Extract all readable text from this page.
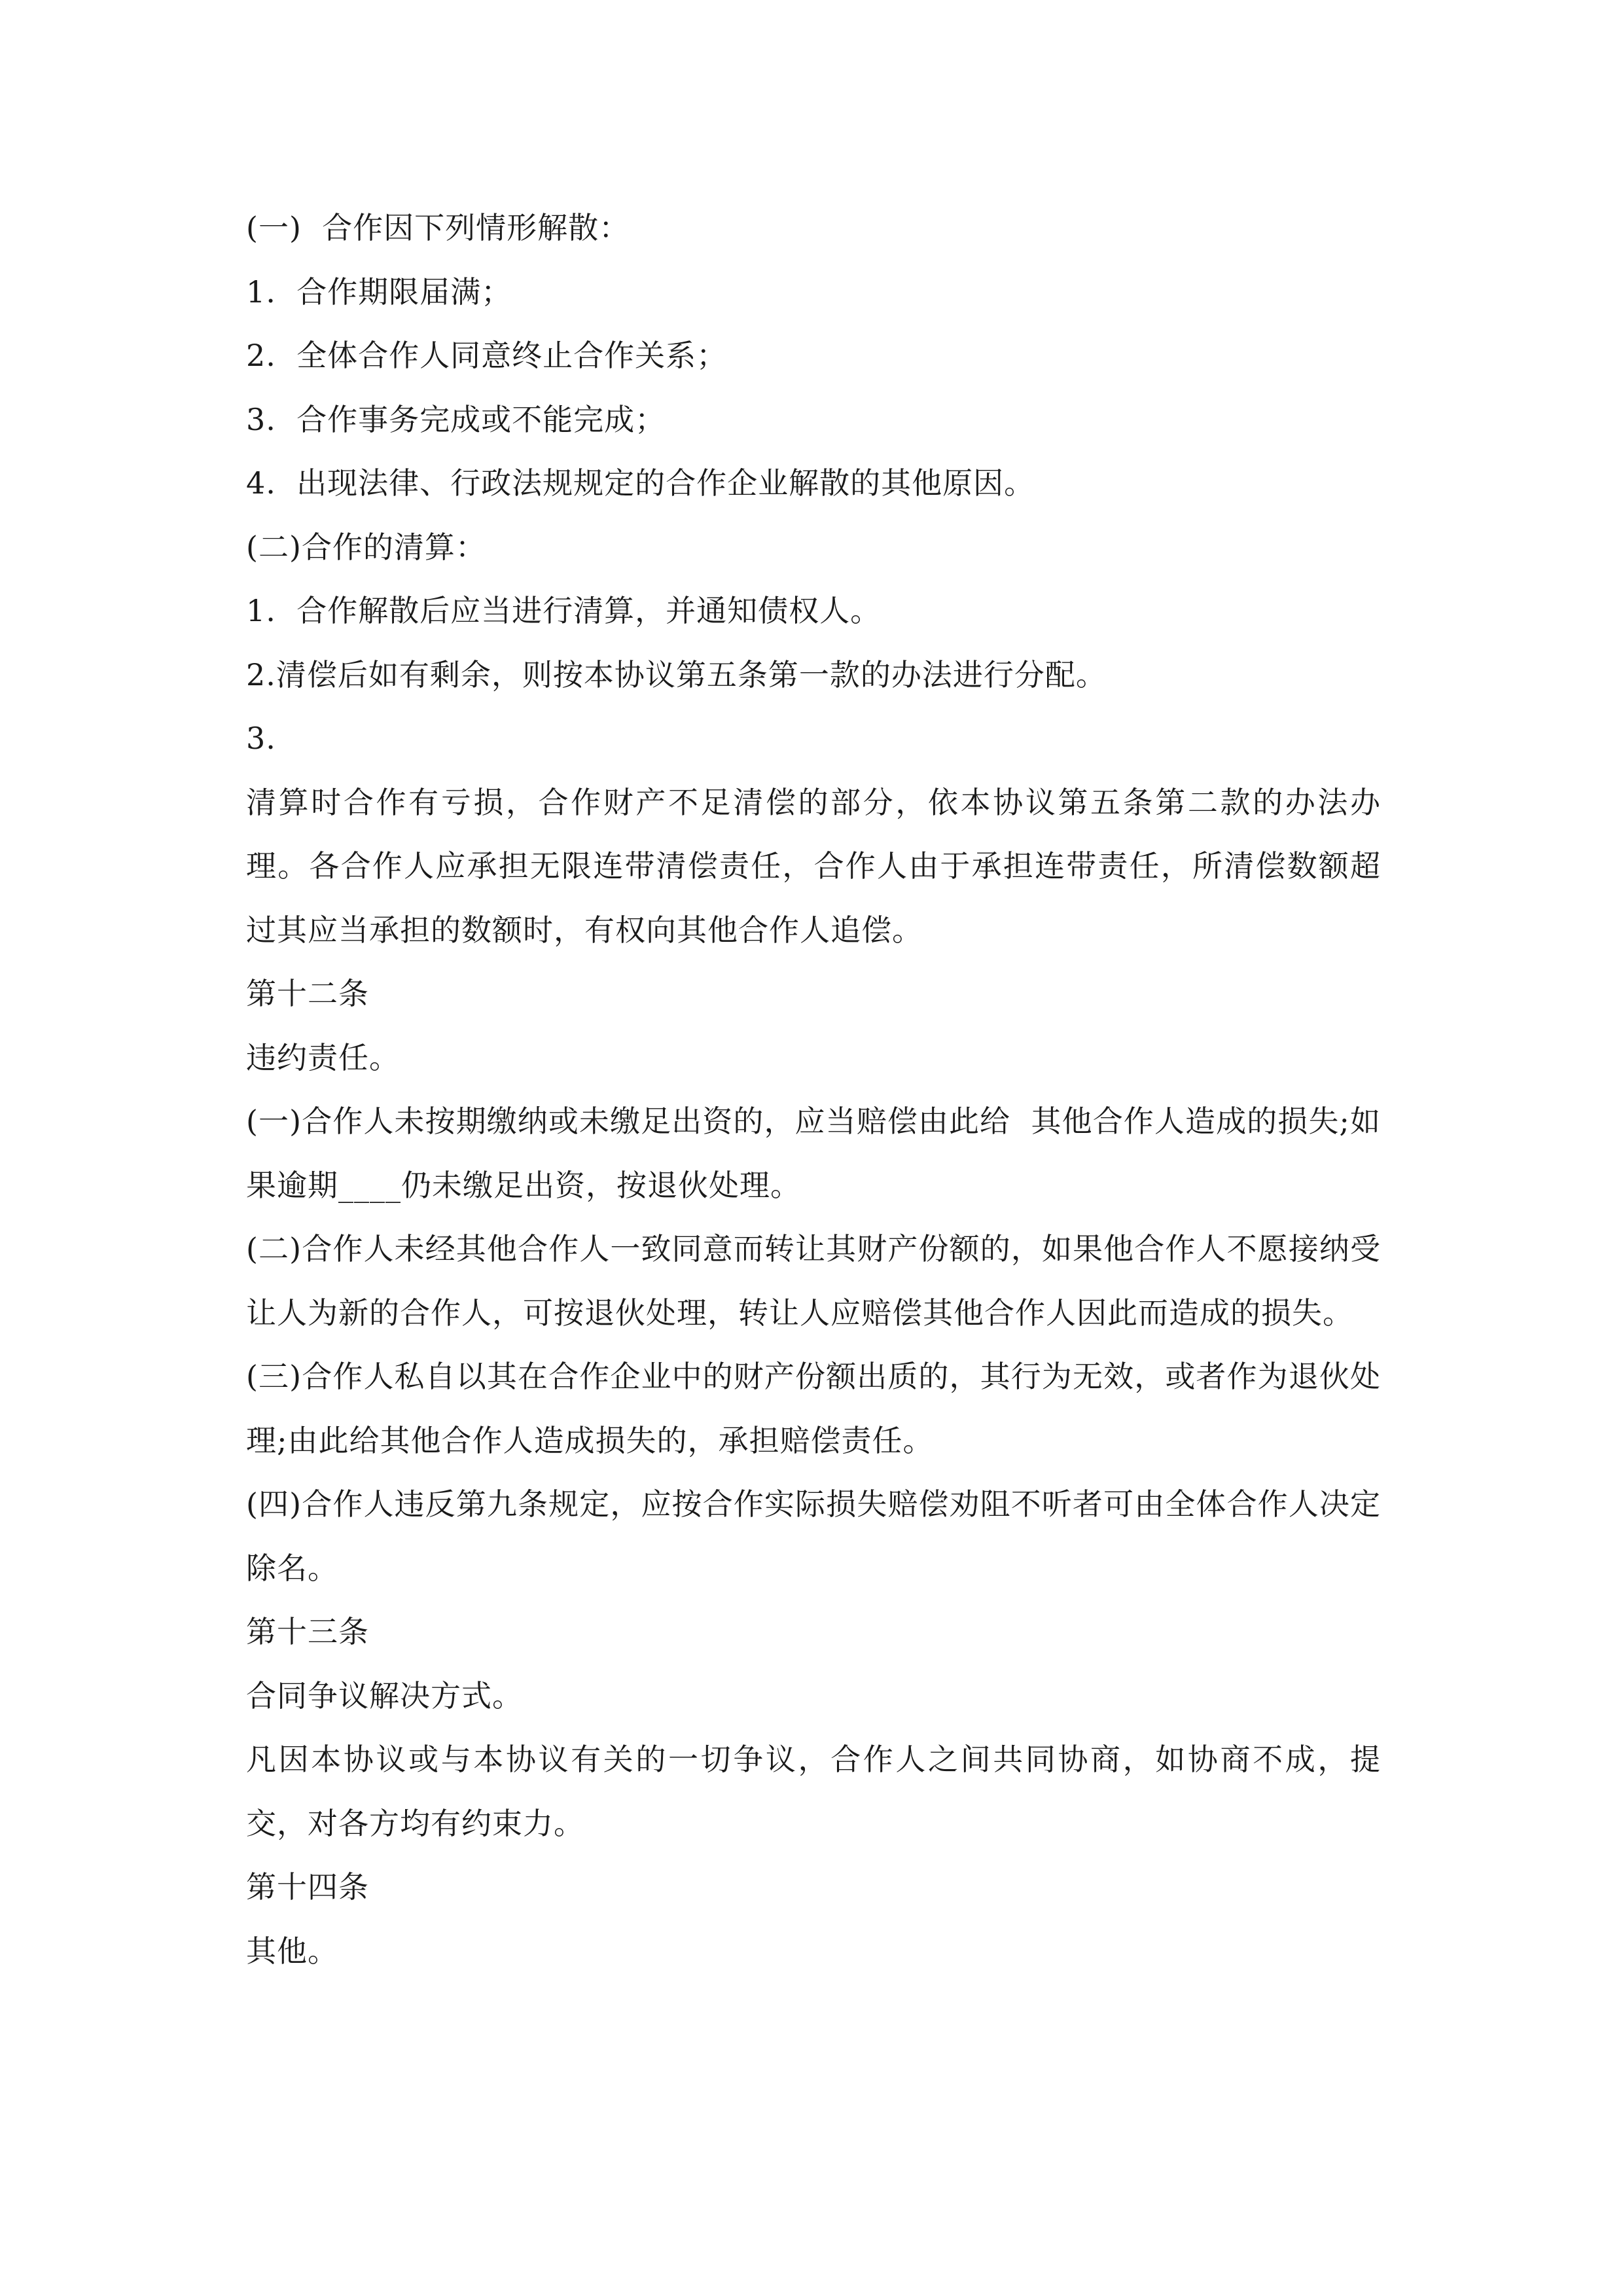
(一)  合作因下列情形解散：

1.  合作期限届满；

2.  全体合作人同意终止合作关系；

3.  合作事务完成或不能完成；

4.  出现法律、行政法规规定的合作企业解散的其他原因。

(二)合作的清算：

1.  合作解散后应当进行清算，并通知债权人。

2.清偿后如有剩余，则按本协议第五条第一款的办法进行分配。

3.

清算时合作有亏损，合作财产不足清偿的部分，依本协议第五条第二款的办法办理。各合作人应承担无限连带清偿责任，合作人由于承担连带责任，所清偿数额超过其应当承担的数额时，有权向其他合作人追偿。

第十二条

违约责任。

(一)合作人未按期缴纳或未缴足出资的，应当赔偿由此给  其他合作人造成的损失;如果逾期____仍未缴足出资，按退伙处理。

(二)合作人未经其他合作人一致同意而转让其财产份额的，如果他合作人不愿接纳受让人为新的合作人，可按退伙处理，转让人应赔偿其他合作人因此而造成的损失。

(三)合作人私自以其在合作企业中的财产份额出质的，其行为无效，或者作为退伙处理;由此给其他合作人造成损失的，承担赔偿责任。

(四)合作人违反第九条规定，应按合作实际损失赔偿劝阻不听者可由全体合作人决定除名。

第十三条

合同争议解决方式。

凡因本协议或与本协议有关的一切争议，合作人之间共同协商，如协商不成，提交，对各方均有约束力。

第十四条

其他。
